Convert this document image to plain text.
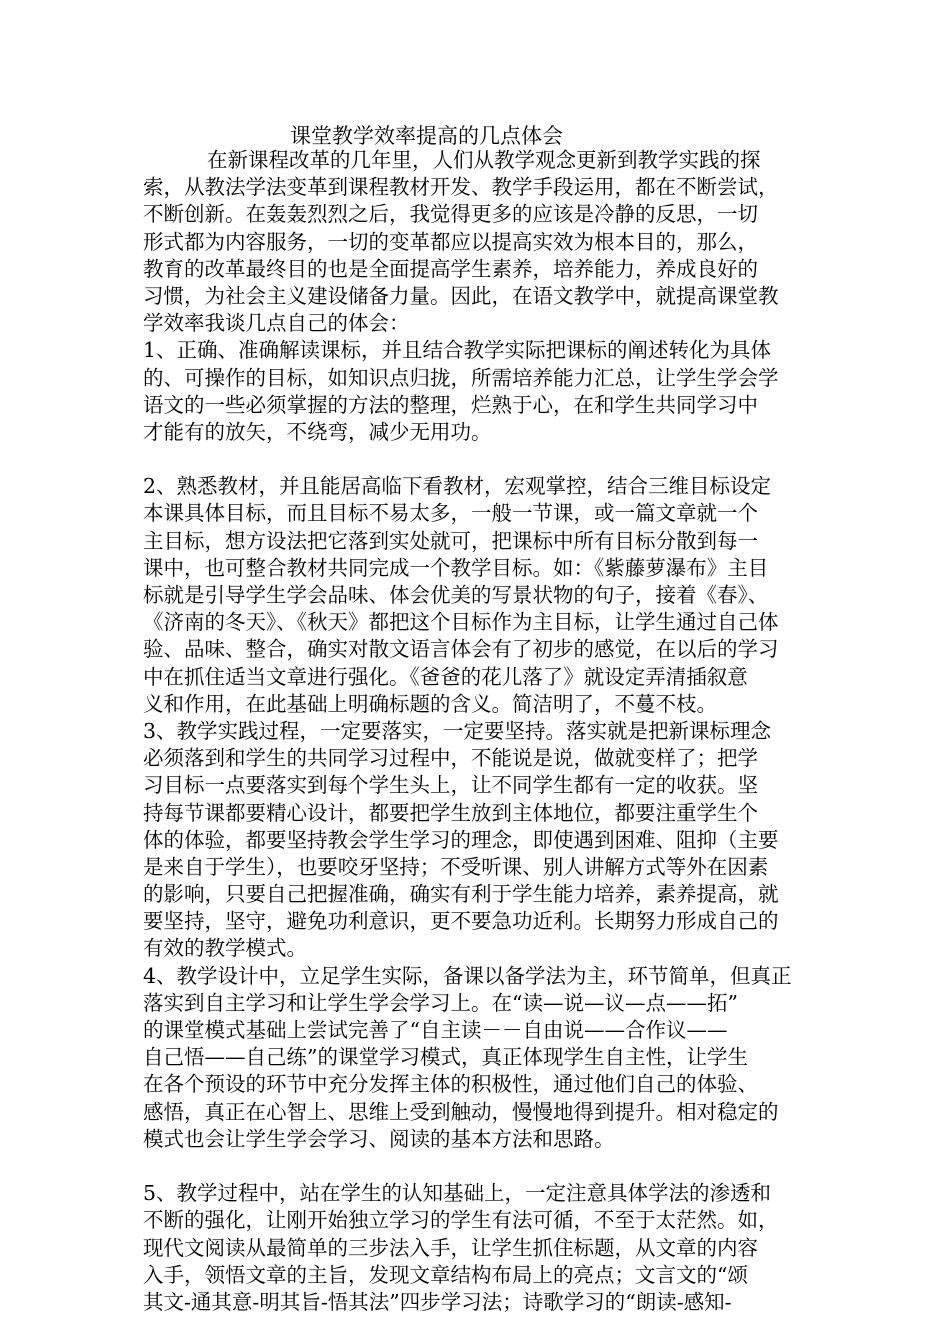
课堂教学效率提高的几点体会
在新课程改革的几年里，人们从教学观念更新到教学实践的探
索，从教法学法变革到课程教材开发、教学手段运用，都在不断尝试，
不断创新。在轰轰烈烈之后，我觉得更多的应该是冷静的反思，一切
形式都为内容服务，一切的变革都应以提高实效为根本目的，那么，
教育的改革最终目的也是全面提高学生素养，培养能力，养成良好的
习惯，为社会主义建设储备力量。因此，在语文教学中，就提高课堂教
学效率我谈几点自己的体会：
1、正确、准确解读课标，并且结合教学实际把课标的阐述转化为具体
的、可操作的目标，如知识点归拢，所需培养能力汇总，让学生学会学
语文的一些必须掌握的方法的整理，烂熟于心，在和学生共同学习中
才能有的放矢，不绕弯，减少无用功。
2、熟悉教材，并且能居高临下看教材，宏观掌控，结合三维目标设定
本课具体目标，而且目标不易太多，一般一节课，或一篇文章就一个
主目标，想方设法把它落到实处就可，把课标中所有目标分散到每一
课中，也可整合教材共同完成一个教学目标。如：《紫藤萝瀑布》主目
标就是引导学生学会品味、体会优美的写景状物的句子，接着《春》、
《济南的冬天》、《秋天》都把这个目标作为主目标，让学生通过自己体
验、品味、整合，确实对散文语言体会有了初步的感觉，在以后的学习
中在抓住适当文章进行强化。《爸爸的花儿落了》就设定弄清插叙意
义和作用，在此基础上明确标题的含义。简洁明了，不蔓不枝。
3、教学实践过程，一定要落实，一定要坚持。落实就是把新课标理念
必须落到和学生的共同学习过程中，不能说是说，做就变样了；把学
习目标一点要落实到每个学生头上，让不同学生都有一定的收获。坚
持每节课都要精心设计，都要把学生放到主体地位，都要注重学生个
体的体验，都要坚持教会学生学习的理念，即使遇到困难、阻抑（主要
是来自于学生），也要咬牙坚持；不受听课、别人讲解方式等外在因素
的影响，只要自己把握准确，确实有利于学生能力培养，素养提高，就
要坚持，坚守，避免功利意识，更不要急功近利。长期努力形成自己的
有效的教学模式。
4、教学设计中，立足学生实际，备课以备学法为主，环节简单，但真正
落实到自主学习和让学生学会学习上。在“读—说—议—点——拓”
的课堂模式基础上尝试完善了“自主读－－自由说——合作议——
自己悟——自己练”的课堂学习模式，真正体现学生自主性，让学生
在各个预设的环节中充分发挥主体的积极性，通过他们自己的体验、
感悟，真正在心智上、思维上受到触动，慢慢地得到提升。相对稳定的
模式也会让学生学会学习、阅读的基本方法和思路。
5、教学过程中，站在学生的认知基础上，一定注意具体学法的渗透和
不断的强化，让刚开始独立学习的学生有法可循，不至于太茫然。如，
现代文阅读从最简单的三步法入手，让学生抓住标题，从文章的内容
入手，领悟文章的主旨，发现文章结构布局上的亮点；文言文的“颂
其文-通其意-明其旨-悟其法”四步学习法；诗歌学习的“朗读-感知-
